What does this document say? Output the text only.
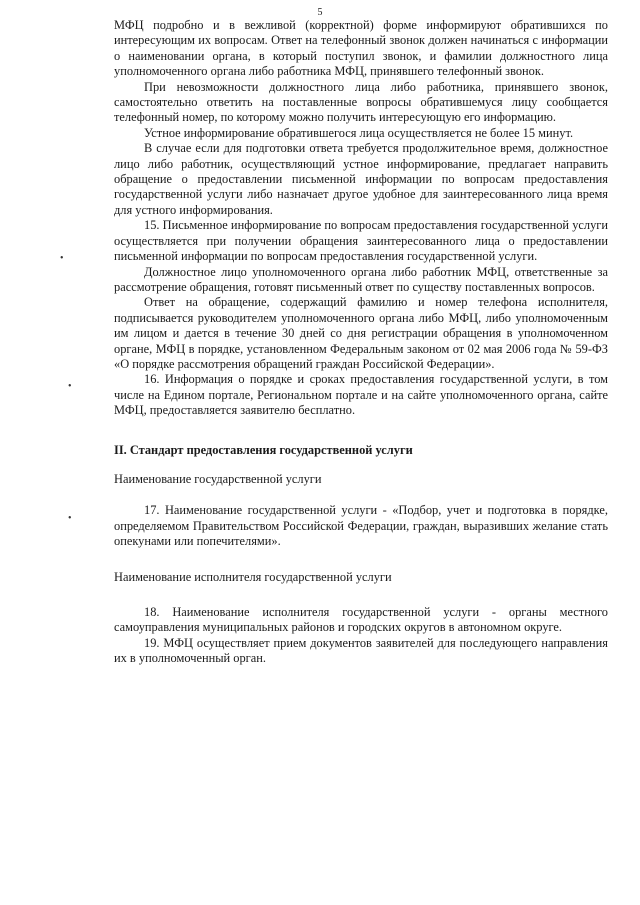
5
•
•
•

МФЦ подробно и в вежливой (корректной) форме информируют обратившихся по интересующим их вопросам. Ответ на телефонный звонок должен начинаться с информации о наименовании органа, в который поступил звонок, и фамилии должностного лица уполномоченного органа либо работника МФЦ, принявшего телефонный звонок.

При невозможности должностного лица либо работника, принявшего звонок, самостоятельно ответить на поставленные вопросы обратившемуся лицу сообщается телефонный номер, по которому можно получить интересующую его информацию.

Устное информирование обратившегося лица осуществляется не более 15 минут.

В случае если для подготовки ответа требуется продолжительное время, должностное лицо либо работник, осуществляющий устное информирование, предлагает направить обращение о предоставлении письменной информации по вопросам предоставления государственной услуги либо назначает другое удобное для заинтересованного лица время для устного информирования.

15. Письменное информирование по вопросам предоставления государственной услуги осуществляется при получении обращения заинтересованного лица о предоставлении письменной информации по вопросам предоставления государственной услуги.

Должностное лицо уполномоченного органа либо работник МФЦ, ответственные за рассмотрение обращения, готовят письменный ответ по существу поставленных вопросов.

Ответ на обращение, содержащий фамилию и номер телефона исполнителя, подписывается руководителем уполномоченного органа либо МФЦ, либо уполномоченным им лицом и дается в течение 30 дней со дня регистрации обращения в уполномоченном органе, МФЦ в порядке, установленном Федеральным законом от 02 мая 2006 года № 59-ФЗ «О порядке рассмотрения обращений граждан Российской Федерации».

16. Информация о порядке и сроках предоставления государственной услуги, в том числе на Едином портале, Региональном портале и на сайте уполномоченного органа, сайте МФЦ, предоставляется заявителю бесплатно.

II. Стандарт предоставления государственной услуги

Наименование государственной услуги

17. Наименование государственной услуги - «Подбор, учет и подготовка в порядке, определяемом Правительством Российской Федерации, граждан, выразивших желание стать опекунами или попечителями».

Наименование исполнителя государственной услуги

18. Наименование исполнителя государственной услуги - органы местного самоуправления муниципальных районов и городских округов в автономном округе.

19. МФЦ осуществляет прием документов заявителей для последующего направления их в уполномоченный орган.
